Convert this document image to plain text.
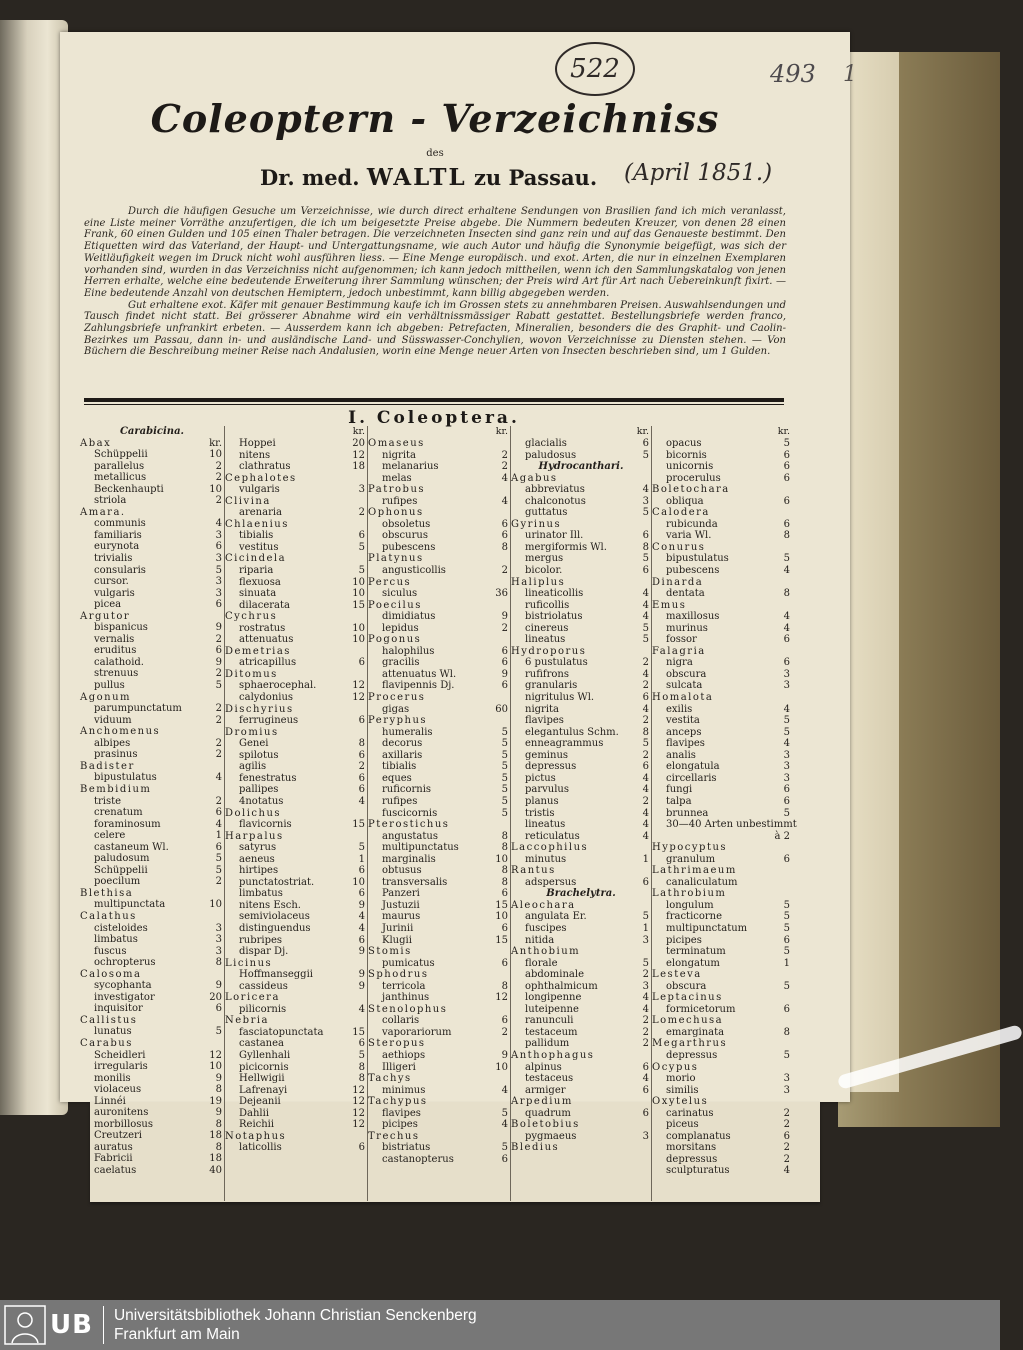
522	493 1
Coleoptern - Verzeichniss
des
Dr. med. WALTL zu Passau. (April 1851.)

Durch die häufigen Gesuche um Verzeichnisse, wie durch direct erhaltene Sendungen von Brasilien fand ich mich veranlasst, eine Liste meiner Vorräthe anzufertigen, die ich um beigesetzte Preise abgebe. Die Nummern bedeuten Kreuzer, von denen 28 einen Frank, 60 einen Gulden und 105 einen Thaler betragen. Die verzeichneten Insecten sind ganz rein und auf das Genaueste bestimmt. Den Etiquetten wird das Vaterland, der Haupt- und Untergattungsname, wie auch Autor und häufig die Synonymie beigefügt, was sich der Weitläufigkeit wegen im Druck nicht wohl ausführen liess. — Eine Menge europäisch. und exot. Arten, die nur in einzelnen Exemplaren vorhanden sind, wurden in das Verzeichniss nicht aufgenommen; ich kann jedoch mittheilen, wenn ich den Sammlungskatalog von jenen Herren erhalte, welche eine bedeutende Erweiterung ihrer Sammlung wünschen; der Preis wird Art für Art nach Uebereinkunft fixirt. — Eine bedeutende Anzahl von deutschen Hemiptern, jedoch unbestimmt, kann billig abgegeben werden.

Gut erhaltene exot. Käfer mit genauer Bestimmung kaufe ich im Grossen stets zu annehmbaren Preisen. Auswahlsendungen und Tausch findet nicht statt. Bei grösserer Abnahme wird ein verhältnissmässiger Rabatt gestattet. Bestellungsbriefe werden franco, Zahlungsbriefe unfrankirt erbeten. — Ausserdem kann ich abgeben: Petrefacten, Mineralien, besonders die des Graphit- und Caolin-Bezirkes um Passau, dann in- und ausländische Land- und Süsswasser-Conchylien, wovon Verzeichnisse zu Diensten stehen. — Von Büchern die Beschreibung meiner Reise nach Andalusien, worin eine Menge neuer Arten von Insecten beschrieben sind, um 1 Gulden.

I. Coleoptera.
Carabicina.
Abax	kr.
Schüppelii	10
parallelus	2
metallicus	2
Beckenhaupti	10
striola	2
Amara.
communis	4
familiaris	3
eurynota	6
trivialis	3
consularis	5
cursor.	3
vulgaris	3
picea	6
Argutor
bispanicus	9
vernalis	2
eruditus	6
calathoid.	9
strenuus	2
pullus	5
Agonum
parumpunctatum	2
viduum	2
Anchomenus
albipes	2
prasinus	2
Badister
bipustulatus	4
Bembidium
triste	2
crenatum	6
foraminosum	4
celere	1
castaneum Wl.	6
paludosum	5
Schüppelii	5
poecilum	2
Blethisa
multipunctata	10
Calathus
cisteloides	3
limbatus	3
fuscus	3
ochropterus	8
Calosoma
sycophanta	9
investigator	20
inquisitor	6
Callistus
lunatus	5
Carabus
Scheidleri	12
irregularis	10
monilis	9
violaceus	8
Linnéi	19
auronitens	9
morbillosus	8
Creutzeri	18
auratus	8
Fabricii	18
caelatus	40
kr.
Hoppei	20
nitens	12
clathratus	18
Cephalotes
vulgaris	3
Clivina
arenaria	2
Chlaenius
tibialis	6
vestitus	5
Cicindela
riparia	5
flexuosa	10
sinuata	10
dilacerata	15
Cychrus
rostratus	10
attenuatus	10
Demetrias
atricapillus	6
Ditomus
sphaerocephal.	12
calydonius	12
Dischyrius
ferrugineus	6
Dromius
Genei	8
spilotus	6
agilis	2
fenestratus	6
pallipes	6
4notatus	4
Dolichus
flavicornis	15
Harpalus
satyrus	5
aeneus	1
hirtipes	6
punctatostriat.	10
limbatus	6
nitens Esch.	9
semiviolaceus	4
distinguendus	4
rubripes	6
dispar Dj.	9
Licinus
Hoffmanseggii	9
cassideus	9
Loricera
pilicornis	4
Nebria
fasciatopunctata	15
castanea	6
Gyllenhali	5
picicornis	8
Hellwigii	8
Lafrenayi	12
Dejeanii	12
Dahlii	12
Reichii	12
Notaphus
laticollis	6
kr.
Omaseus
nigrita	2
melanarius	2
melas	4
Patrobus
rufipes	4
Ophonus
obsoletus	6
obscurus	6
pubescens	8
Platynus
angusticollis	2
Percus
siculus	36
Poecilus
dimidiatus	9
lepidus	2
Pogonus
halophilus	6
gracilis	6
attenuatus Wl.	9
flavipennis Dj.	6
Procerus
gigas	60
Peryphus
humeralis	5
decorus	5
axillaris	5
tibialis	5
eques	5
ruficornis	5
rufipes	5
fuscicornis	5
Pterostichus
angustatus	8
multipunctatus	8
marginalis	10
obtusus	8
transversalis	8
Panzeri	6
Justuzii	15
maurus	10
Jurinii	6
Klugii	15
Stomis
pumicatus	6
Sphodrus
terricola	8
janthinus	12
Stenolophus
collaris	6
vaporariorum	2
Steropus
aethiops	9
Illigeri	10
Tachys
minimus	4
Tachypus
flavipes	5
picipes	4
Trechus
bistriatus	5
castanopterus	6
kr.
glacialis	6
paludosus	5
Hydrocanthari.
Agabus
abbreviatus	4
chalconotus	3
guttatus	5
Gyrinus
urinator Ill.	6
mergiformis Wl.	8
mergus	5
bicolor.	6
Haliplus
lineaticollis	4
ruficollis	4
bistriolatus	4
cinereus	5
lineatus	5
Hydroporus
6 pustulatus	2
rufifrons	4
granularis	2
nigritulus Wl.	6
nigrita	4
flavipes	2
elegantulus Schm.	8
enneagrammus	5
geminus	2
depressus	6
pictus	4
parvulus	4
planus	2
tristis	4
lineatus	4
reticulatus	4
Laccophilus
minutus	1
Rantus
adspersus	6
Brachelytra.
Aleochara
angulata Er.	5
fuscipes	1
nitida	3
Anthobium
florale	5
abdominale	2
ophthalmicum	3
longipenne	4
luteipenne	4
ranunculi	2
testaceum	2
pallidum	2
Anthophagus
alpinus	6
testaceus	4
armiger	6
Arpedium
quadrum	6
Boletobius
pygmaeus	3
Bledius
kr.
opacus	5
bicornis	6
unicornis	6
procerulus	6
Boletochara
obliqua	6
Calodera
rubicunda	6
varia Wl.	8
Conurus
bipustulatus	5
pubescens	4
Dinarda
dentata	8
Emus
maxillosus	4
murinus	4
fossor	6
Falagria
nigra	6
obscura	3
sulcata	3
Homalota
exilis	4
vestita	5
anceps	5
flavipes	4
analis	3
elongatula	3
circellaris	3
fungi	6
talpa	6
brunnea	5
30—40 Arten unbestimmt
à 2
Hypocyptus
granulum	6
Lathrimaeum
canaliculatum
Lathrobium
longulum	5
fracticorne	5
multipunctatum	5
picipes	6
terminatum	5
elongatum	1
Lesteva
obscura	5
Leptacinus
formicetorum	6
Lomechusa
emarginata	8
Megarthrus
depressus	5
Ocypus
morio	3
similis	3
Oxytelus
carinatus	2
piceus	2
complanatus	6
morsitans	2
depressus	2
sculpturatus	4
UB Universitätsbibliothek Johann Christian Senckenberg
Frankfurt am Main
